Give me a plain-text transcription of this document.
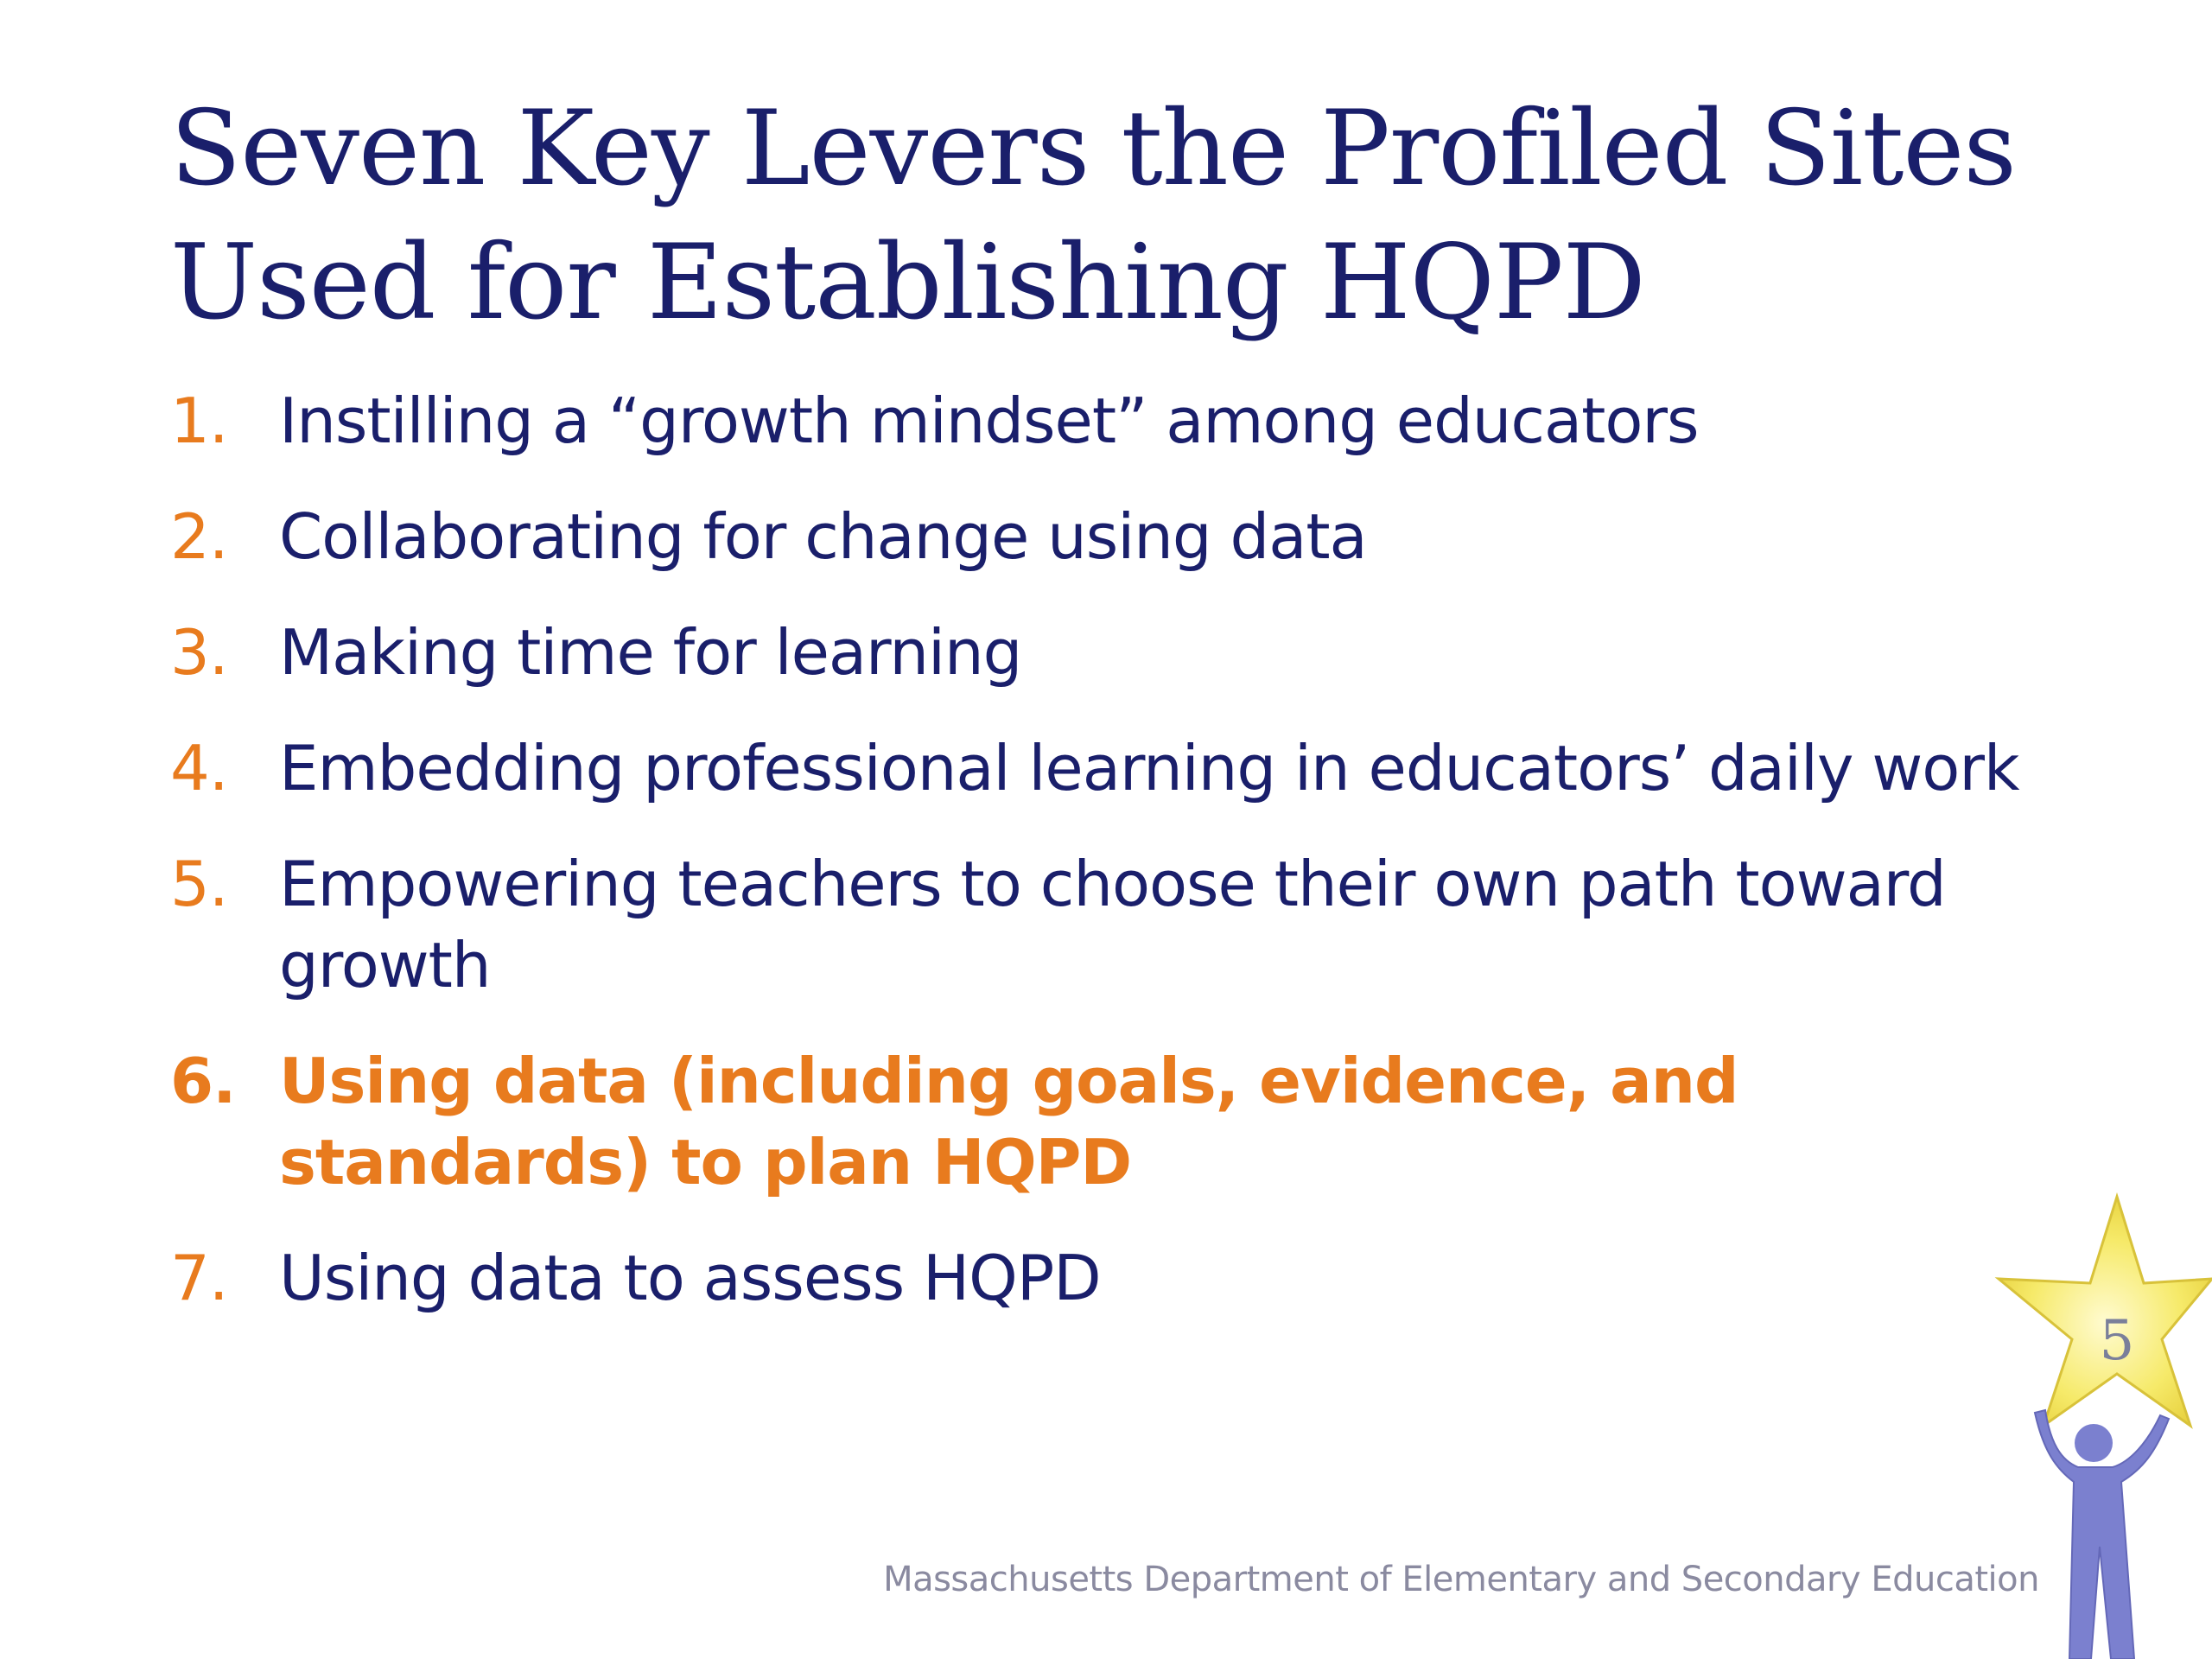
Seven Key Levers the Profiled Sites
Used for Establishing HQPD
1. Instilling a “growth mindset” among educators
2. Collaborating for change using data
3. Making time for learning
4. Embedding professional learning in educators’ daily work
5. Empowering teachers to choose their own path toward growth
6. Using data (including goals, evidence, and standards) to plan HQPD
7. Using data to assess HQPD
5
Massachusetts Department of Elementary and Secondary Education
